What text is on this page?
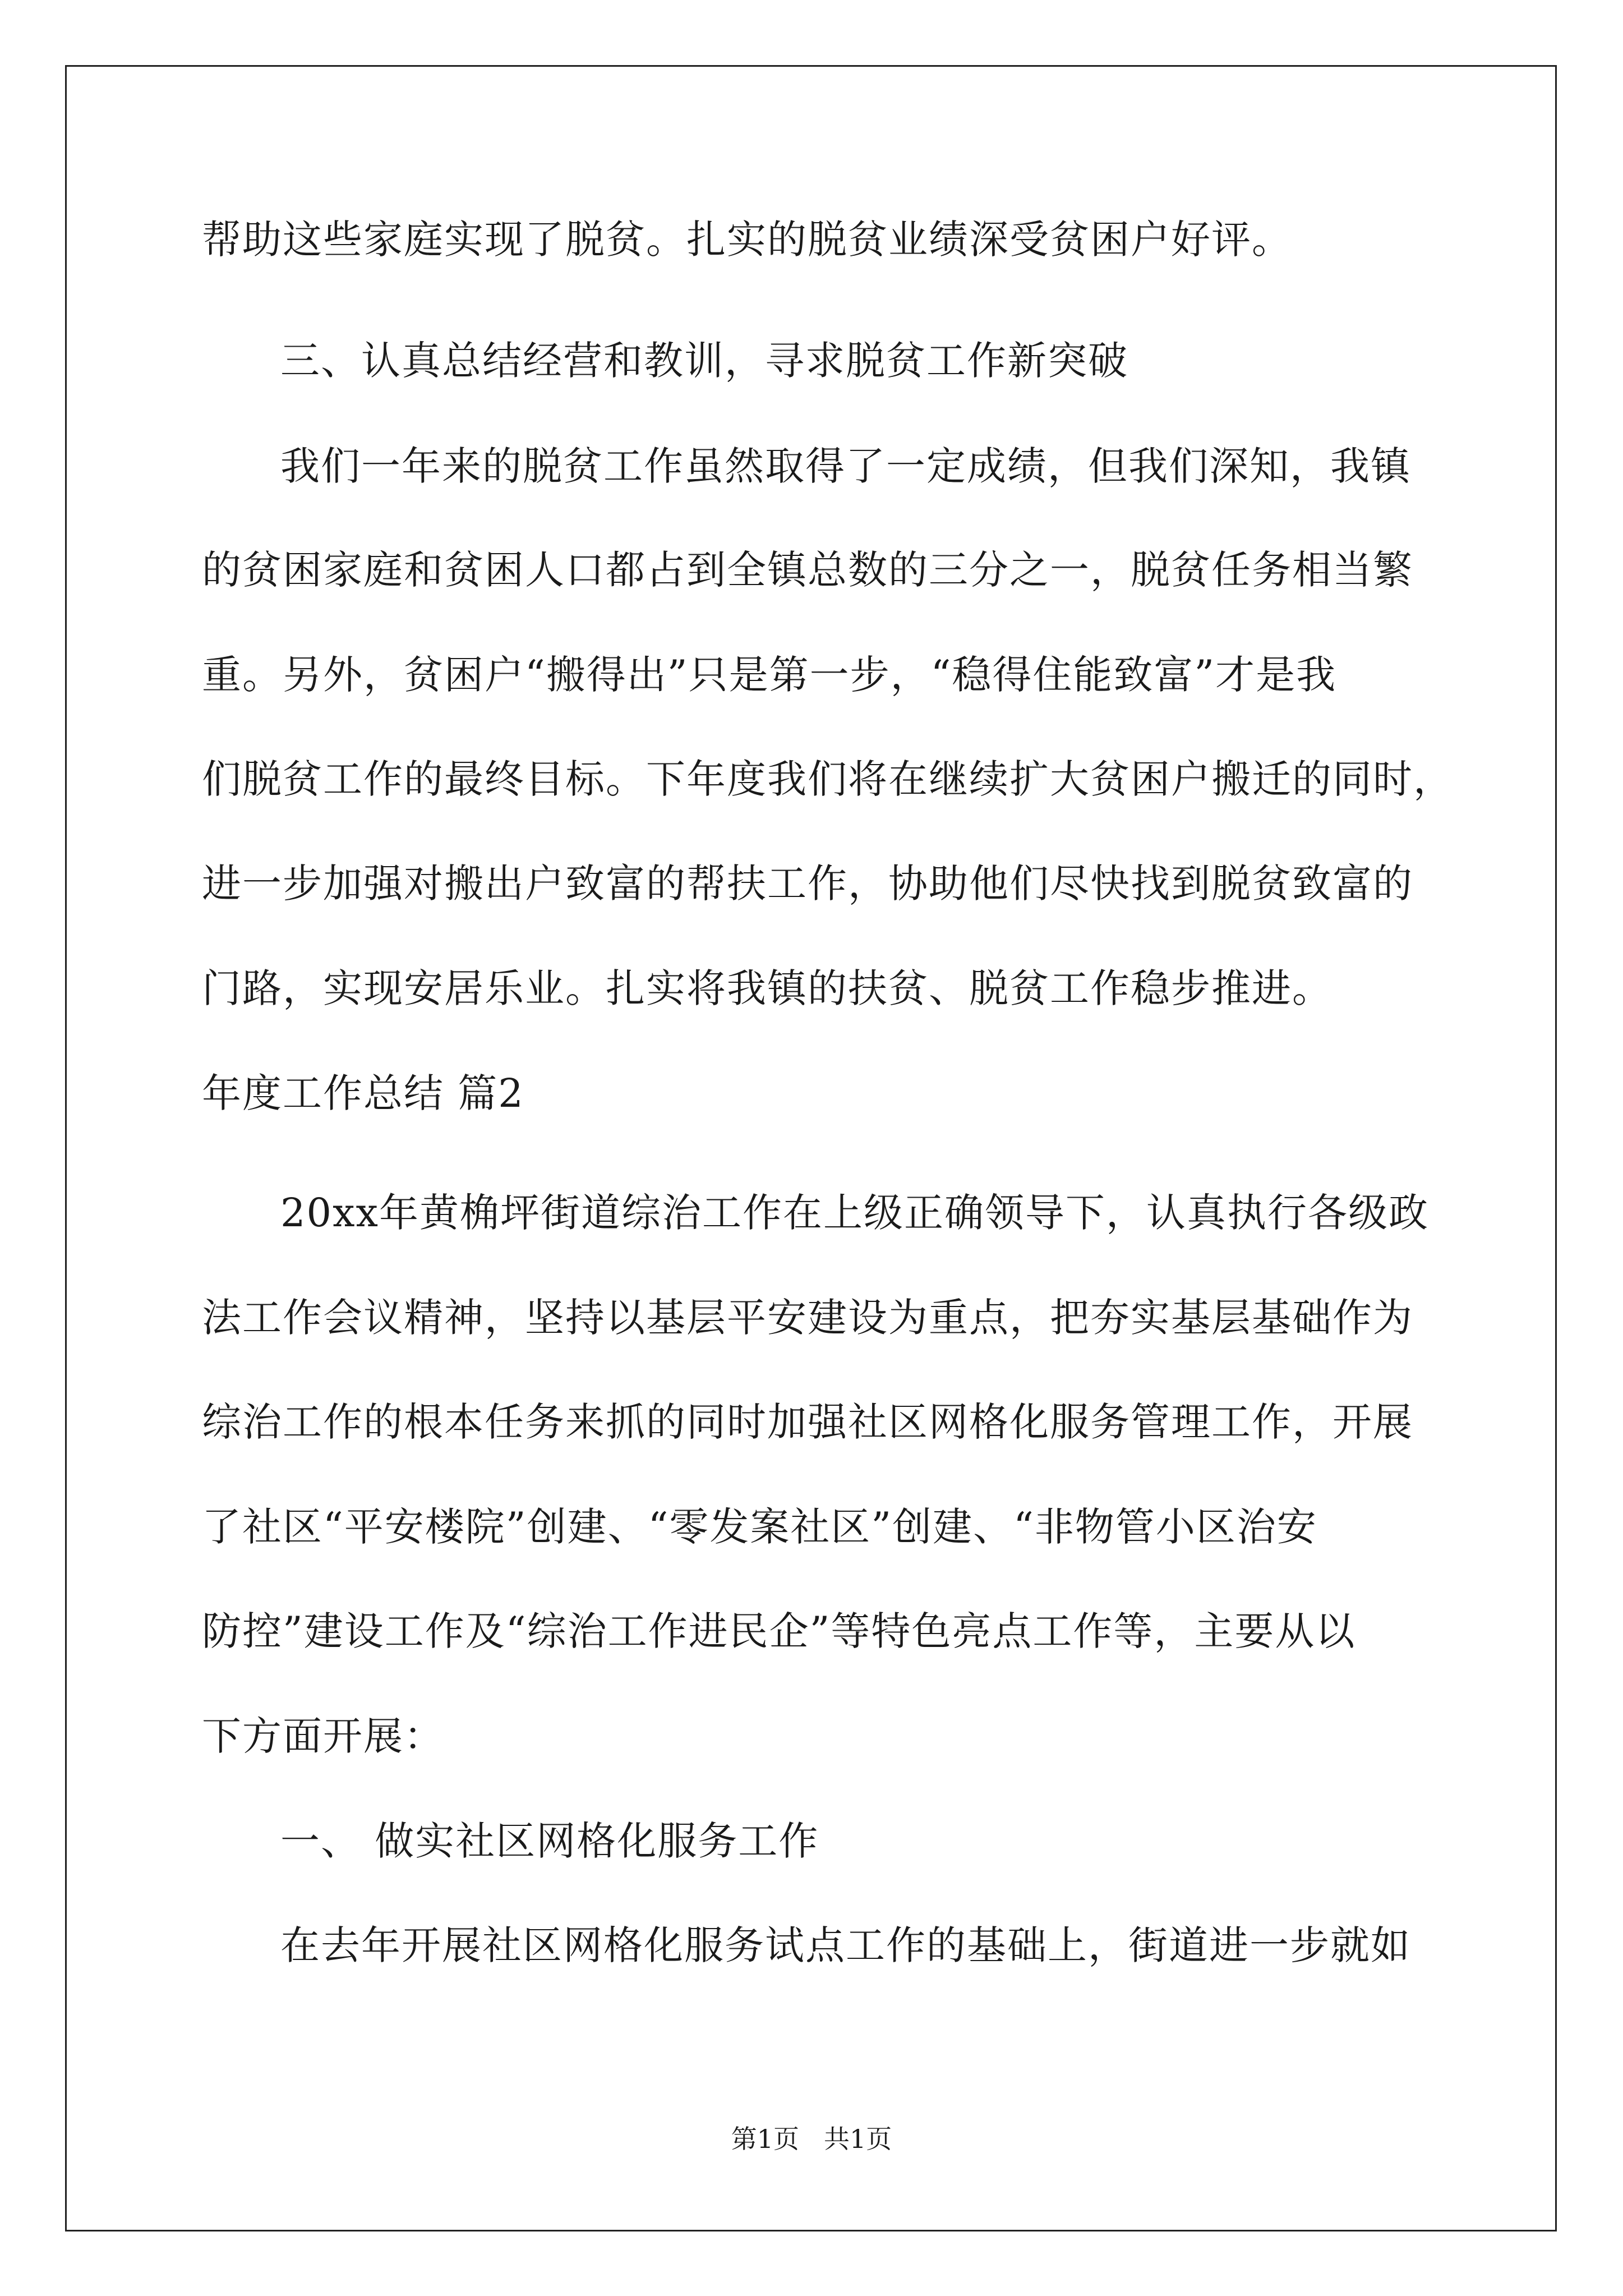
帮助这些家庭实现了脱贫。扎实的脱贫业绩深受贫困户好评。
三、认真总结经营和教训，寻求脱贫工作新突破
我们一年来的脱贫工作虽然取得了一定成绩，但我们深知，我镇
的贫困家庭和贫困人口都占到全镇总数的三分之一，脱贫任务相当繁
重。另外，贫困户“搬得出”只是第一步，“稳得住能致富”才是我
们脱贫工作的最终目标。下年度我们将在继续扩大贫困户搬迁的同时，
进一步加强对搬出户致富的帮扶工作，协助他们尽快找到脱贫致富的
门路，实现安居乐业。扎实将我镇的扶贫、脱贫工作稳步推进。
年度工作总结 篇2
20xx年黄桷坪街道综治工作在上级正确领导下，认真执行各级政
法工作会议精神，坚持以基层平安建设为重点，把夯实基层基础作为
综治工作的根本任务来抓的同时加强社区网格化服务管理工作，开展
了社区“平安楼院”创建、“零发案社区”创建、“非物管小区治安
防控”建设工作及“综治工作进民企”等特色亮点工作等，主要从以
下方面开展：
一、 做实社区网格化服务工作
在去年开展社区网格化服务试点工作的基础上，街道进一步就如
第1页 共1页
